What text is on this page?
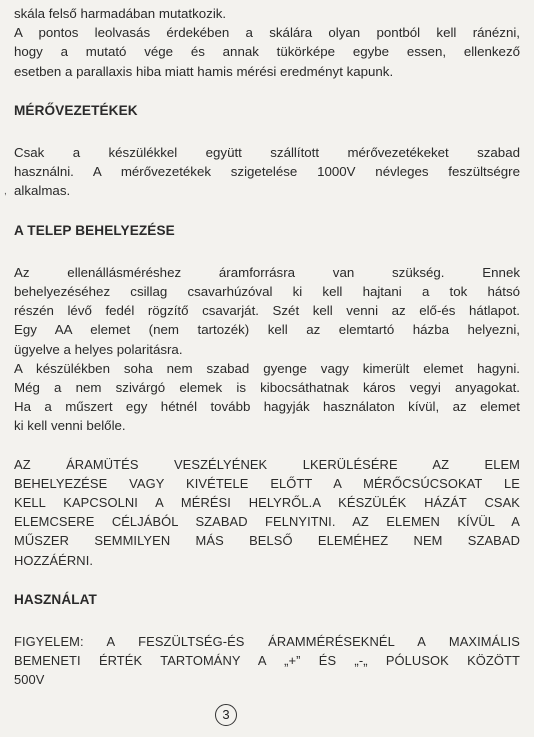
skála felső harmadában mutatkozik.
A pontos leolvasás érdekében a skálára olyan pontból kell ránézni,
hogy a mutató vége és annak tükörképe egybe essen, ellenkező
esetben a parallaxis hiba miatt hamis mérési eredményt kapunk.
MÉRŐVEZETÉKEK
Csak a készülékkel együtt szállított mérővezetékeket szabad
használni. A mérővezetékek szigetelése 1000V névleges feszültségre
alkalmas.
A TELEP BEHELYEZÉSE
Az ellenállásméréshez áramforrásra van szükség. Ennek
behelyezéséhez csillag csavarhúzóval ki kell hajtani a tok hátsó
részén lévő fedél rögzítő csavarját. Szét kell venni az elő-és hátlapot.
Egy AA elemet (nem tartozék) kell az elemtartó házba helyezni,
ügyelve a helyes polaritásra.
A készülékben soha nem szabad gyenge vagy kimerült elemet hagyni.
Még a nem szivárgó elemek is kibocsáthatnak káros vegyi anyagokat.
Ha a műszert egy hétnél tovább hagyják használaton kívül, az elemet
ki kell venni belőle.
AZ ÁRAMÜTÉS VESZÉLYÉNEK LKERÜLÉSÉRE AZ ELEM
BEHELYEZÉSE VAGY KIVÉTELE ELŐTT A MÉRŐCSÚCSOKAT LE
KELL KAPCSOLNI A MÉRÉSI HELYRŐL.A KÉSZÜLÉK HÁZÁT CSAK
ELEMCSERE CÉLJÁBÓL SZABAD FELNYITNI. AZ ELEMEN KÍVÜL A
MŰSZER SEMMILYEN MÁS BELSŐ ELEMÉHEZ NEM SZABAD
HOZZÁÉRNI.
HASZNÁLAT
FIGYELEM: A FESZÜLTSÉG-ÉS ÁRAMMÉRÉSEKNÉL A MAXIMÁLIS
BEMENETI ÉRTÉK TARTOMÁNY A „+” ÉS „-„ PÓLUSOK KÖZÖTT
500V
,
3
